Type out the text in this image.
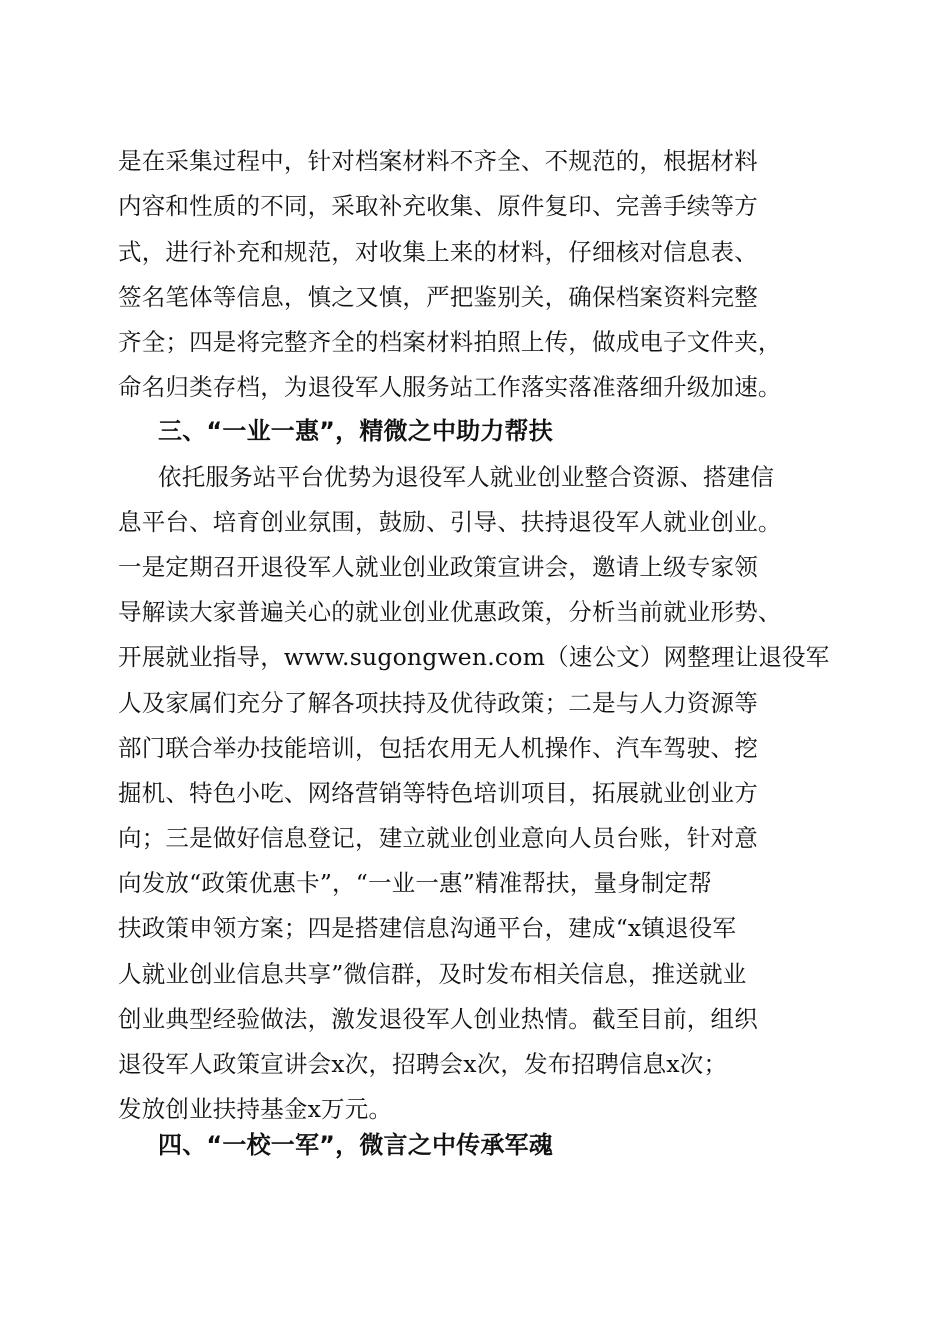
是在采集过程中，针对档案材料不齐全、不规范的，根据材料
内容和性质的不同，采取补充收集、原件复印、完善手续等方
式，进行补充和规范，对收集上来的材料，仔细核对信息表、
签名笔体等信息，慎之又慎，严把鉴别关，确保档案资料完整
齐全；四是将完整齐全的档案材料拍照上传，做成电子文件夹，
命名归类存档，为退役军人服务站工作落实落准落细升级加速。
三、“一业一惠”，精微之中助力帮扶
依托服务站平台优势为退役军人就业创业整合资源、搭建信
息平台、培育创业氛围，鼓励、引导、扶持退役军人就业创业。
一是定期召开退役军人就业创业政策宣讲会，邀请上级专家领
导解读大家普遍关心的就业创业优惠政策，分析当前就业形势、
开展就业指导，www.sugongwen.com（速公文）网整理让退役军
人及家属们充分了解各项扶持及优待政策；二是与人力资源等
部门联合举办技能培训，包括农用无人机操作、汽车驾驶、挖
掘机、特色小吃、网络营销等特色培训项目，拓展就业创业方
向；三是做好信息登记，建立就业创业意向人员台账，针对意
向发放“政策优惠卡”，“一业一惠”精准帮扶，量身制定帮
扶政策申领方案；四是搭建信息沟通平台，建成“x镇退役军
人就业创业信息共享”微信群，及时发布相关信息，推送就业
创业典型经验做法，激发退役军人创业热情。截至目前，组织
退役军人政策宣讲会x次，招聘会x次，发布招聘信息x次；
发放创业扶持基金x万元。
四、“一校一军”，微言之中传承军魂
